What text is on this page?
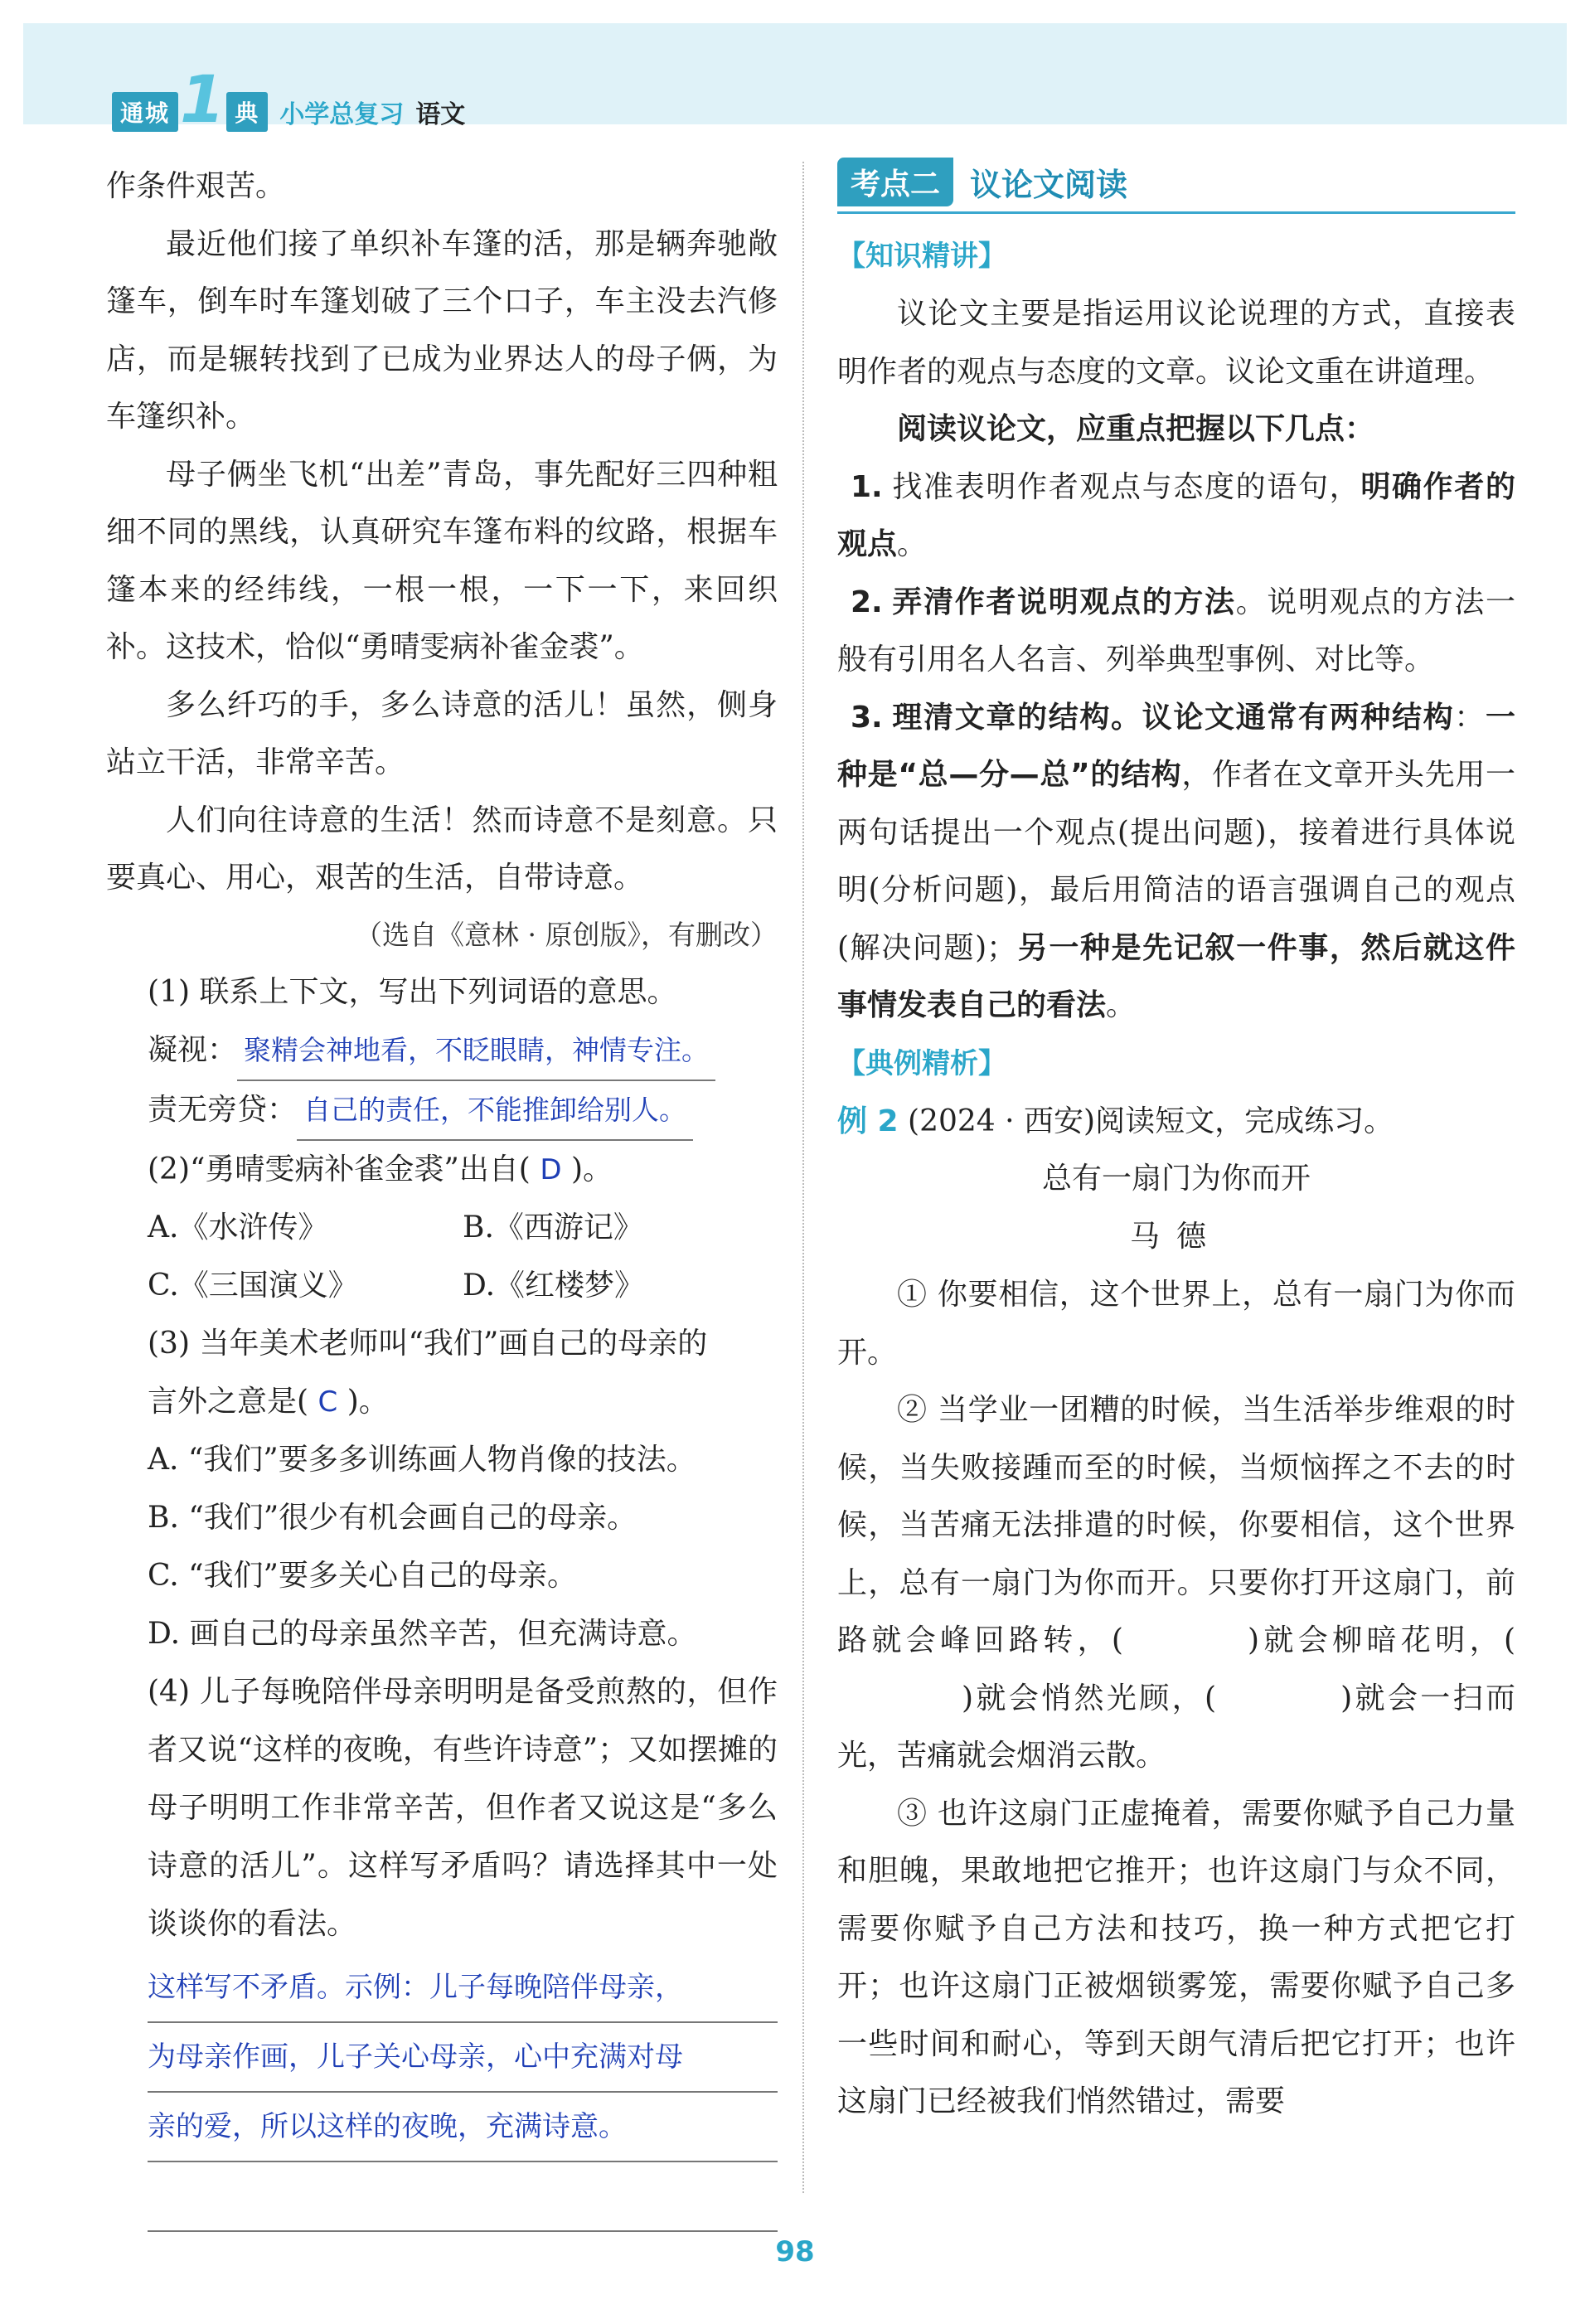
通城 1 典 小学总复习 语文

作条件艰苦。

最近他们接了单织补车篷的活，那是辆奔驰敞篷车，倒车时车篷划破了三个口子，车主没去汽修店，而是辗转找到了已成为业界达人的母子俩，为车篷织补。

母子俩坐飞机“出差”青岛，事先配好三四种粗细不同的黑线，认真研究车篷布料的纹路，根据车篷本来的经纬线，一根一根，一下一下，来回织补。这技术，恰似“勇晴雯病补雀金裘”。

多么纤巧的手，多么诗意的活儿！虽然，侧身站立干活，非常辛苦。

人们向往诗意的生活！然而诗意不是刻意。只要真心、用心，艰苦的生活，自带诗意。

（选自《意林 · 原创版》，有删改）

(1) 联系上下文，写出下列词语的意思。

凝视： 聚精会神地看，不眨眼睛，神情专注。

责无旁贷： 自己的责任，不能推卸给别人。

(2)“勇晴雯病补雀金裘”出自( D )。

A.《水浒传》	B.《西游记》
C.《三国演义》	D.《红楼梦》

(3) 当年美术老师叫“我们”画自己的母亲的

言外之意是( C )。

A. “我们”要多多训练画人物肖像的技法。

B. “我们”很少有机会画自己的母亲。

C. “我们”要多关心自己的母亲。

D. 画自己的母亲虽然辛苦，但充满诗意。

(4) 儿子每晚陪伴母亲明明是备受煎熬的，但作者又说“这样的夜晚，有些许诗意”；又如摆摊的母子明明工作非常辛苦，但作者又说这是“多么诗意的活儿”。这样写矛盾吗？请选择其中一处谈谈你的看法。

这样写不矛盾。示例：儿子每晚陪伴母亲，
为母亲作画，儿子关心母亲，心中充满对母
亲的爱，所以这样的夜晚，充满诗意。
考点二 议论文阅读

【知识精讲】

议论文主要是指运用议论说理的方式，直接表明作者的观点与态度的文章。议论文重在讲道理。

阅读议论文，应重点把握以下几点：

1. 找准表明作者观点与态度的语句，明确作者的观点。

2. 弄清作者说明观点的方法。说明观点的方法一般有引用名人名言、列举典型事例、对比等。

3. 理清文章的结构。议论文通常有两种结构：一种是“总—分—总”的结构，作者在文章开头先用一两句话提出一个观点(提出问题)，接着进行具体说明(分析问题)，最后用简洁的语言强调自己的观点(解决问题)；另一种是先记叙一件事，然后就这件事情发表自己的看法。

【典例精析】

例 2 (2024 · 西安)阅读短文，完成练习。

总有一扇门为你而开

马德

① 你要相信，这个世界上，总有一扇门为你而开。

② 当学业一团糟的时候，当生活举步维艰的时候，当失败接踵而至的时候，当烦恼挥之不去的时候，当苦痛无法排遣的时候，你要相信，这个世界上，总有一扇门为你而开。只要你打开这扇门，前路就会峰回路转，(	)就会柳暗花明，()就会悄然光顾，(	)就会一扫而光，苦痛就会烟消云散。

③ 也许这扇门正虚掩着，需要你赋予自己力量和胆魄，果敢地把它推开；也许这扇门与众不同，需要你赋予自己方法和技巧，换一种方式把它打开；也许这扇门正被烟锁雾笼，需要你赋予自己多一些时间和耐心，等到天朗气清后把它打开；也许这扇门已经被我们悄然错过，需要

98
